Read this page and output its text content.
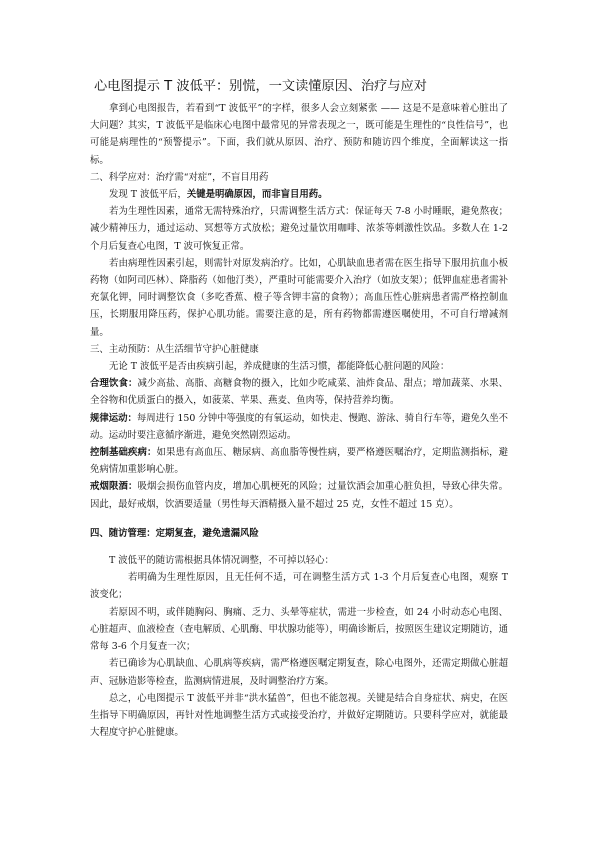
心电图提示 T 波低平：别慌，一文读懂原因、治疗与应对

拿到心电图报告，若看到“T 波低平”的字样，很多人会立刻紧张 —— 这是不是意味着心脏出了大问题？其实，T 波低平是临床心电图中最常见的异常表现之一，既可能是生理性的“良性信号”，也可能是病理性的“预警提示”。下面，我们就从原因、治疗、预防和随访四个维度，全面解读这一指标。

二、科学应对：治疗需“对症”，不盲目用药

发现 T 波低平后，关键是明确原因，而非盲目用药。

若为生理性因素，通常无需特殊治疗，只需调整生活方式：保证每天 7-8 小时睡眠，避免熬夜；减少精神压力，通过运动、冥想等方式放松；避免过量饮用咖啡、浓茶等刺激性饮品。多数人在 1-2 个月后复查心电图，T 波可恢复正常。

若由病理性因素引起，则需针对原发病治疗。比如，心肌缺血患者需在医生指导下服用抗血小板药物（如阿司匹林）、降脂药（如他汀类），严重时可能需要介入治疗（如放支架）；低钾血症患者需补充氯化钾，同时调整饮食（多吃香蕉、橙子等含钾丰富的食物）；高血压性心脏病患者需严格控制血压，长期服用降压药，保护心肌功能。需要注意的是，所有药物都需遵医嘱使用，不可自行增减剂量。

三、主动预防：从生活细节守护心脏健康

无论 T 波低平是否由疾病引起，养成健康的生活习惯，都能降低心脏问题的风险：

合理饮食：减少高盐、高脂、高糖食物的摄入，比如少吃咸菜、油炸食品、甜点；增加蔬菜、水果、全谷物和优质蛋白的摄入，如菠菜、苹果、燕麦、鱼肉等，保持营养均衡。

规律运动：每周进行 150 分钟中等强度的有氧运动，如快走、慢跑、游泳、骑自行车等，避免久坐不动。运动时要注意循序渐进，避免突然剧烈运动。

控制基础疾病：如果患有高血压、糖尿病、高血脂等慢性病，要严格遵医嘱治疗，定期监测指标，避免病情加重影响心脏。

戒烟限酒：吸烟会损伤血管内皮，增加心肌梗死的风险；过量饮酒会加重心脏负担，导致心律失常。因此，最好戒烟，饮酒要适量（男性每天酒精摄入量不超过 25 克，女性不超过 15 克）。

四、随访管理：定期复查，避免遗漏风险

T 波低平的随访需根据具体情况调整，不可掉以轻心：

若明确为生理性原因，且无任何不适，可在调整生活方式 1-3 个月后复查心电图，观察 T 波变化；

若原因不明，或伴随胸闷、胸痛、乏力、头晕等症状，需进一步检查，如 24 小时动态心电图、心脏超声、血液检查（查电解质、心肌酶、甲状腺功能等），明确诊断后，按照医生建议定期随访，通常每 3-6 个月复查一次；

若已确诊为心肌缺血、心肌病等疾病，需严格遵医嘱定期复查，除心电图外，还需定期做心脏超声、冠脉造影等检查，监测病情进展，及时调整治疗方案。

总之，心电图提示 T 波低平并非“洪水猛兽”，但也不能忽视。关键是结合自身症状、病史，在医生指导下明确原因，再针对性地调整生活方式或接受治疗，并做好定期随访。只要科学应对，就能最大程度守护心脏健康。
